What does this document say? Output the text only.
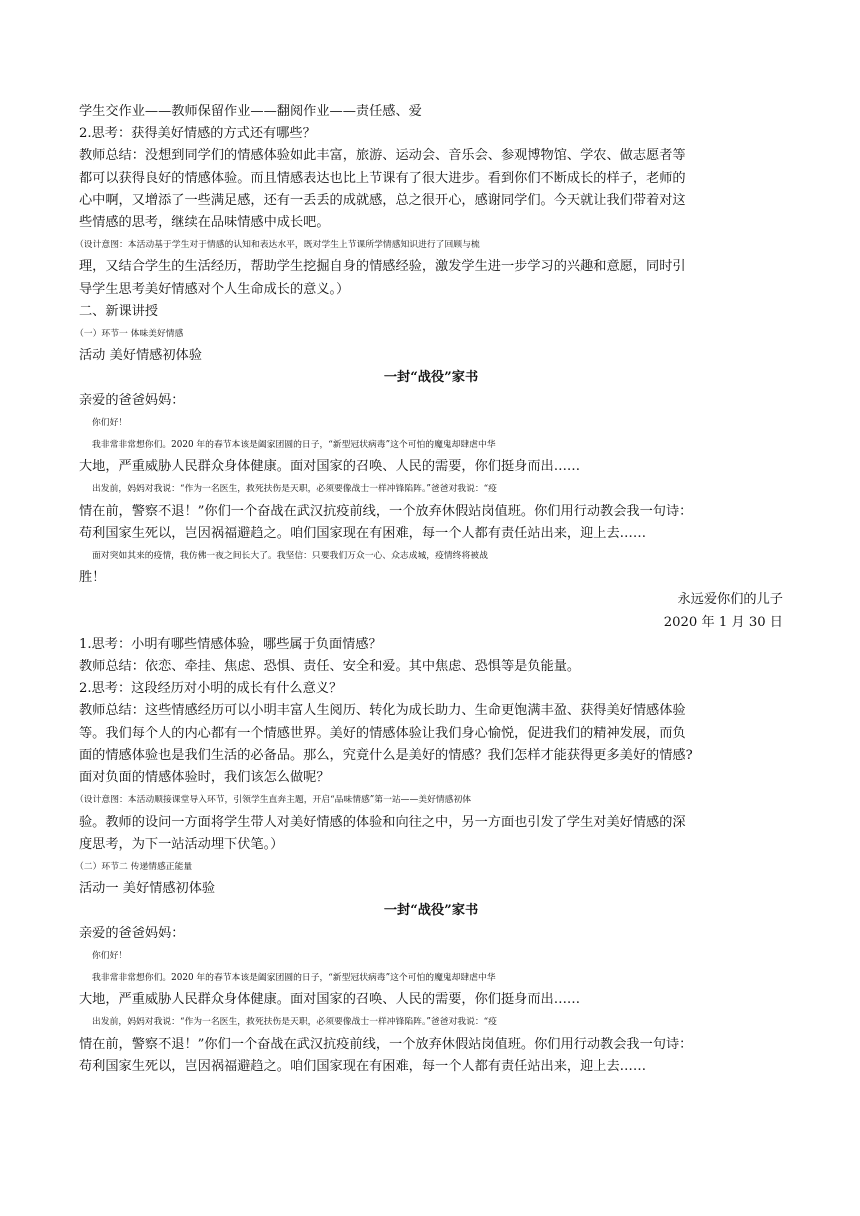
学生交作业——教师保留作业——翻阅作业——责任感、爱

2.思考：获得美好情感的方式还有哪些？

教师总结：没想到同学们的情感体验如此丰富，旅游、运动会、音乐会、参观博物馆、学农、做志愿者等

都可以获得良好的情感体验。而且情感表达也比上节课有了很大进步。看到你们不断成长的样子，老师的

心中啊，又增添了一些满足感，还有一丢丢的成就感，总之很开心，感谢同学们。今天就让我们带着对这

些情感的思考，继续在品味情感中成长吧。

（设计意图：本活动基于学生对于情感的认知和表达水平，既对学生上节课所学情感知识进行了回顾与梳

理，又结合学生的生活经历，帮助学生挖掘自身的情感经验，激发学生进一步学习的兴趣和意愿，同时引

导学生思考美好情感对个人生命成长的意义。）

二、新课讲授

（一）环节一 体味美好情感

活动 美好情感初体验

一封“战役”家书

亲爱的爸爸妈妈：

你们好！

我非常非常想你们。2020 年的春节本该是阖家团圆的日子，“新型冠状病毒”这个可怕的魔鬼却肆虐中华

大地，严重威胁人民群众身体健康。面对国家的召唤、人民的需要，你们挺身而出……

出发前，妈妈对我说：“作为一名医生，救死扶伤是天职，必须要像战士一样冲锋陷阵。”爸爸对我说：“疫

情在前，警察不退！”你们一个奋战在武汉抗疫前线，一个放弃休假站岗值班。你们用行动教会我一句诗：

苟利国家生死以，岂因祸福避趋之。咱们国家现在有困难，每一个人都有责任站出来，迎上去……

面对突如其来的疫情，我仿佛一夜之间长大了。我坚信：只要我们万众一心、众志成城，疫情终将被战

胜！

永远爱你们的儿子

2020 年 1 月 30 日

1.思考：小明有哪些情感体验，哪些属于负面情感？

教师总结：依恋、牵挂、焦虑、恐惧、责任、安全和爱。其中焦虑、恐惧等是负能量。

2.思考：这段经历对小明的成长有什么意义？

教师总结：这些情感经历可以小明丰富人生阅历、转化为成长助力、生命更饱满丰盈、获得美好情感体验

等。我们每个人的内心都有一个情感世界。美好的情感体验让我们身心愉悦，促进我们的精神发展，而负

面的情感体验也是我们生活的必备品。那么，究竟什么是美好的情感？我们怎样才能获得更多美好的情感?

面对负面的情感体验时，我们该怎么做呢？

（设计意图：本活动顺接课堂导入环节，引领学生直奔主题，开启“品味情感”第一站——美好情感初体

验。教师的设问一方面将学生带人对美好情感的体验和向往之中，另一方面也引发了学生对美好情感的深

度思考，为下一站活动埋下伏笔。）

（二）环节二 传递情感正能量

活动一 美好情感初体验

一封“战役”家书

亲爱的爸爸妈妈：

你们好！

我非常非常想你们。2020 年的春节本该是阖家团圆的日子，“新型冠状病毒”这个可怕的魔鬼却肆虐中华

大地，严重威胁人民群众身体健康。面对国家的召唤、人民的需要，你们挺身而出……

出发前，妈妈对我说：“作为一名医生，救死扶伤是天职，必须要像战士一样冲锋陷阵。”爸爸对我说：“疫

情在前，警察不退！”你们一个奋战在武汉抗疫前线，一个放弃休假站岗值班。你们用行动教会我一句诗：

苟利国家生死以，岂因祸福避趋之。咱们国家现在有困难，每一个人都有责任站出来，迎上去……
